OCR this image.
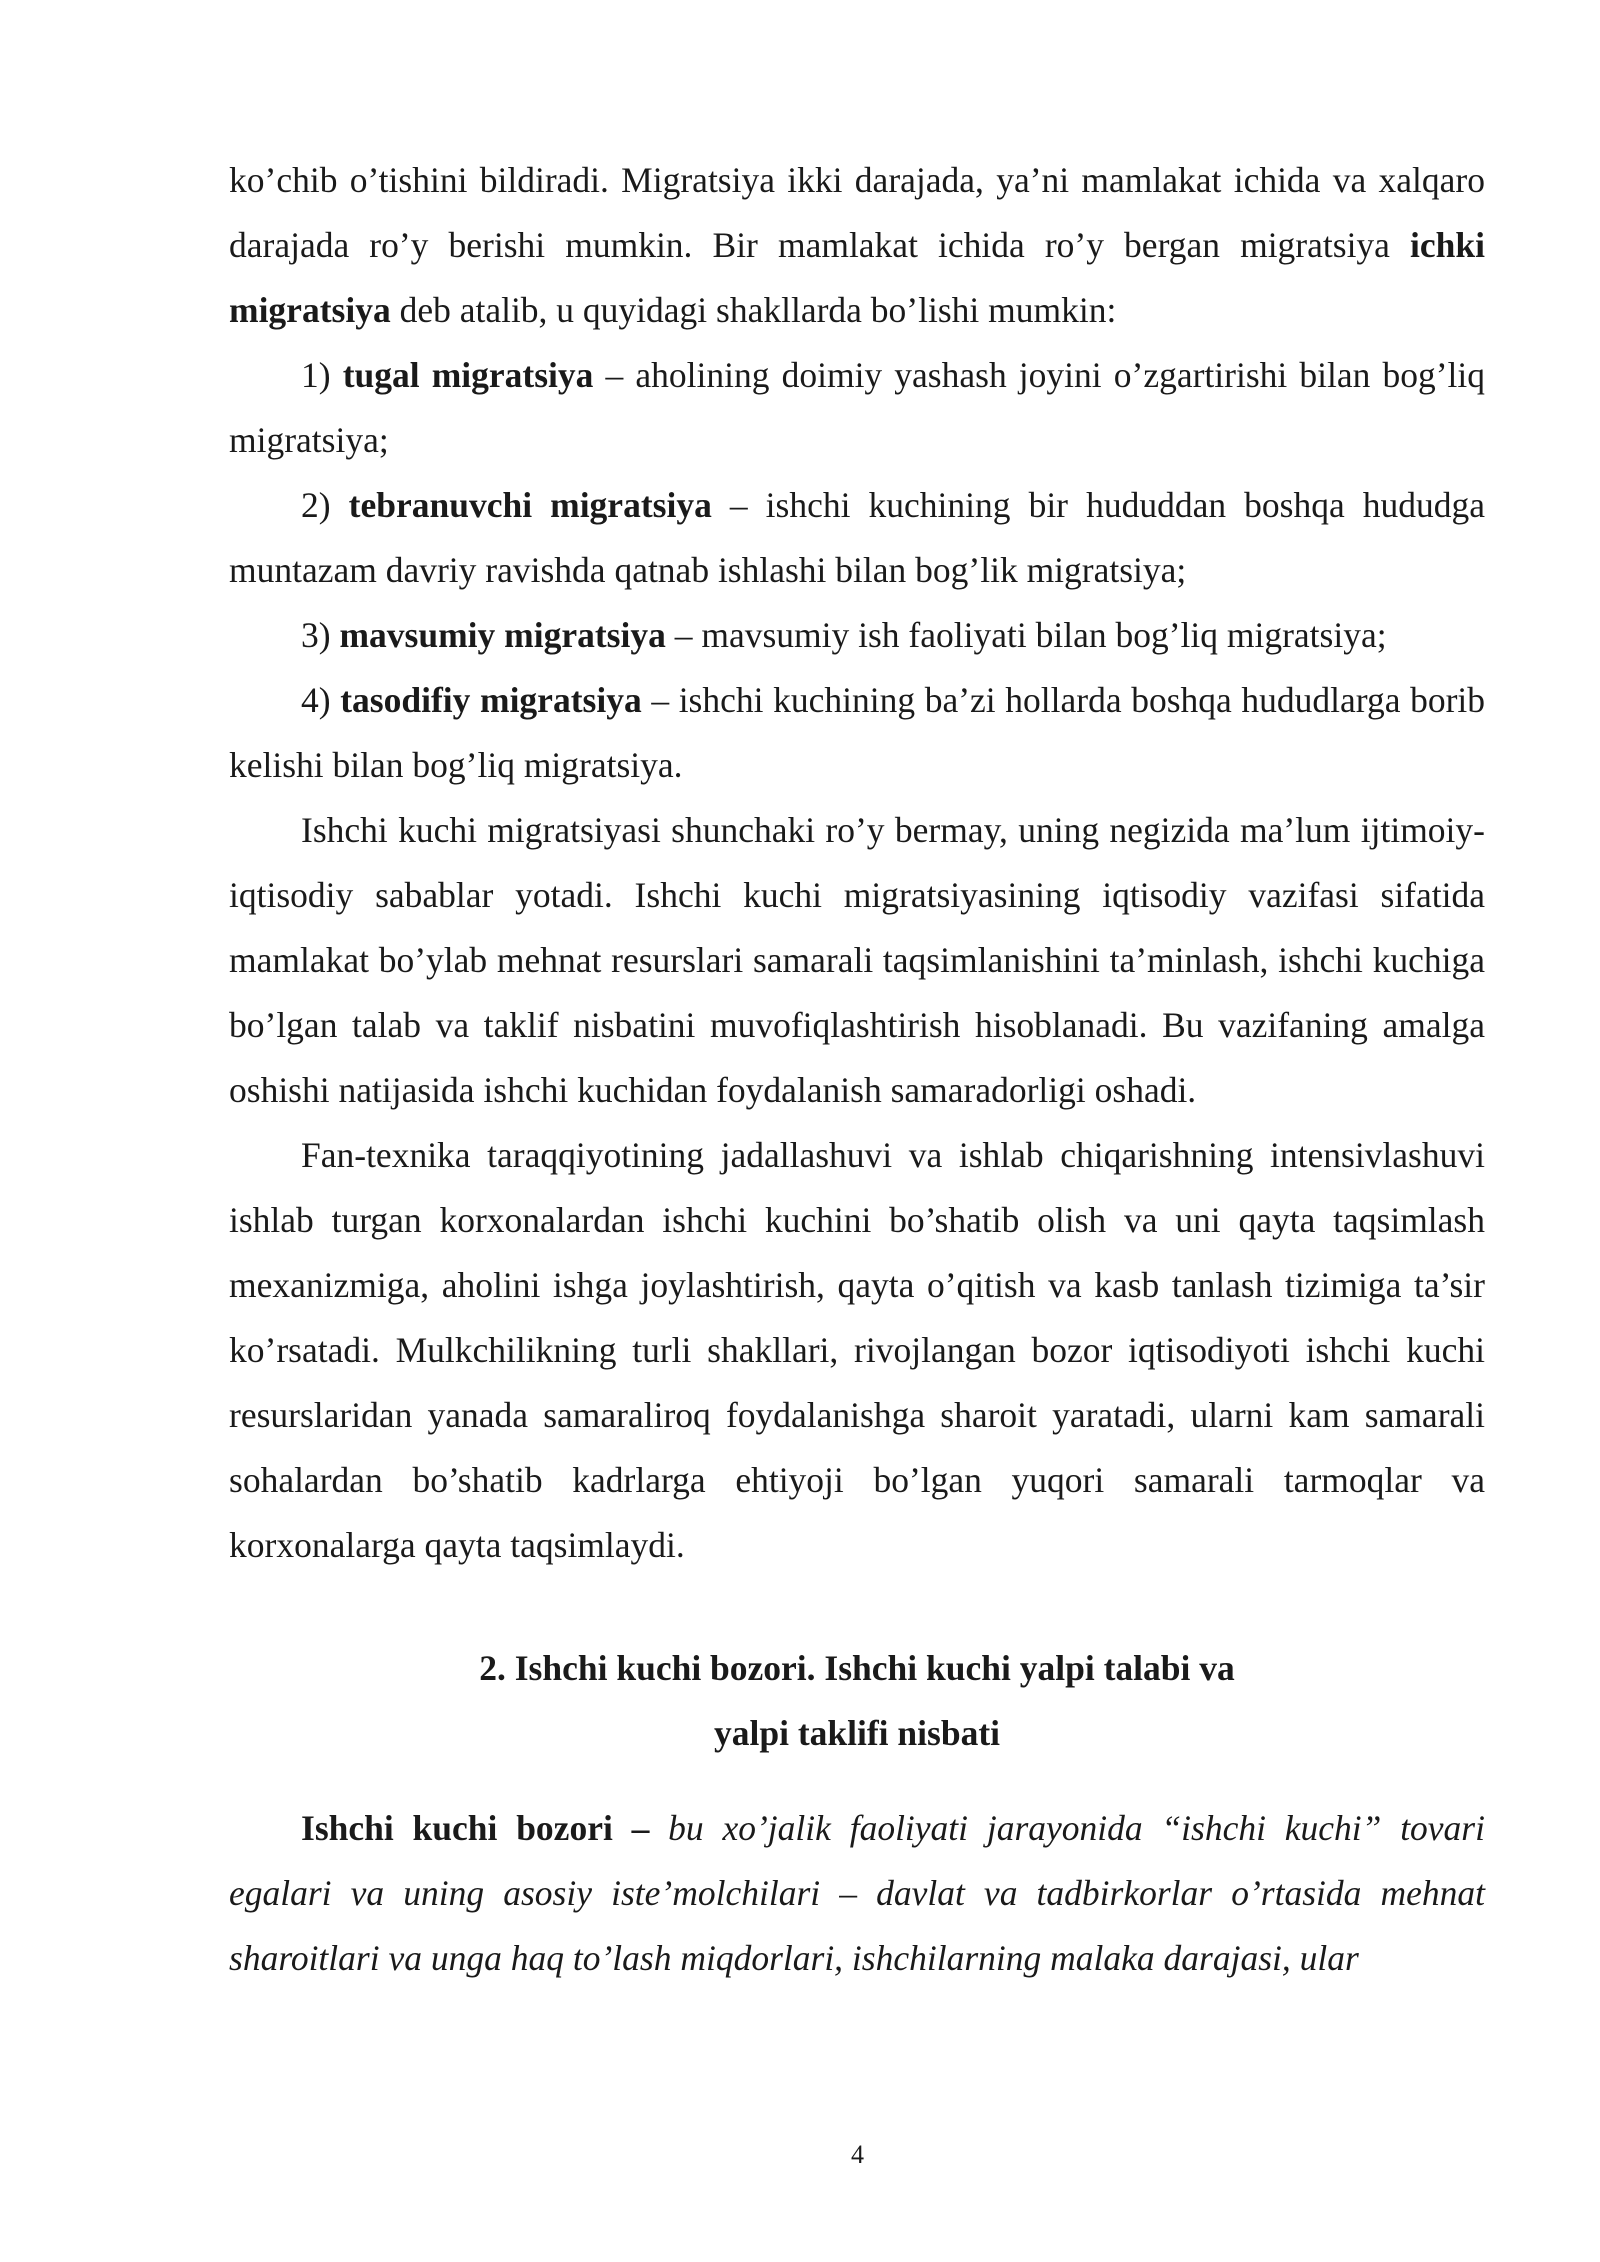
ko’chib o’tishini bildiradi. Migratsiya ikki darajada, ya’ni mamlakat ichida va xalqaro darajada ro’y berishi mumkin. Bir mamlakat ichida ro’y bergan migratsiya ichki migratsiya deb atalib, u quyidagi shakllarda bo’lishi mumkin:

1) tugal migratsiya – aholining doimiy yashash joyini o’zgartirishi bilan bog’liq migratsiya;

2) tebranuvchi migratsiya – ishchi kuchining bir hududdan boshqa hududga muntazam davriy ravishda qatnab ishlashi bilan bog’lik migratsiya;

3) mavsumiy migratsiya – mavsumiy ish faoliyati bilan bog’liq migratsiya;

4) tasodifiy migratsiya – ishchi kuchining ba’zi hollarda boshqa hududlarga borib kelishi bilan bog’liq migratsiya.

Ishchi kuchi migratsiyasi shunchaki ro’y bermay, uning negizida ma’lum ijtimoiy-iqtisodiy sabablar yotadi. Ishchi kuchi migratsiyasining iqtisodiy vazifasi sifatida mamlakat bo’ylab mehnat resurslari samarali taqsimlanishini ta’minlash, ishchi kuchiga bo’lgan talab va taklif nisbatini muvofiqlashtirish hisoblanadi. Bu vazifaning amalga oshishi natijasida ishchi kuchidan foydalanish samaradorligi oshadi.

Fan-texnika taraqqiyotining jadallashuvi va ishlab chiqarishning intensivlashuvi ishlab turgan korxonalardan ishchi kuchini bo’shatib olish va uni qayta taqsimlash mexanizmiga, aholini ishga joylashtirish, qayta o’qitish va kasb tanlash tizimiga ta’sir ko’rsatadi. Mulkchilikning turli shakllari, rivojlangan bozor iqtisodiyoti ishchi kuchi resurslaridan yanada samaraliroq foydalanishga sharoit yaratadi, ularni kam samarali sohalardan bo’shatib kadrlarga ehtiyoji bo’lgan yuqori samarali tarmoqlar va korxonalarga qayta taqsimlaydi.

2. Ishchi kuchi bozori. Ishchi kuchi yalpi talabi va
yalpi taklifi nisbati

Ishchi kuchi bozori – bu xo’jalik faoliyati jarayonida “ishchi kuchi” tovari egalari va uning asosiy iste’molchilari – davlat va tadbirkorlar o’rtasida mehnat sharoitlari va unga haq to’lash miqdorlari, ishchilarning malaka darajasi, ular

4
